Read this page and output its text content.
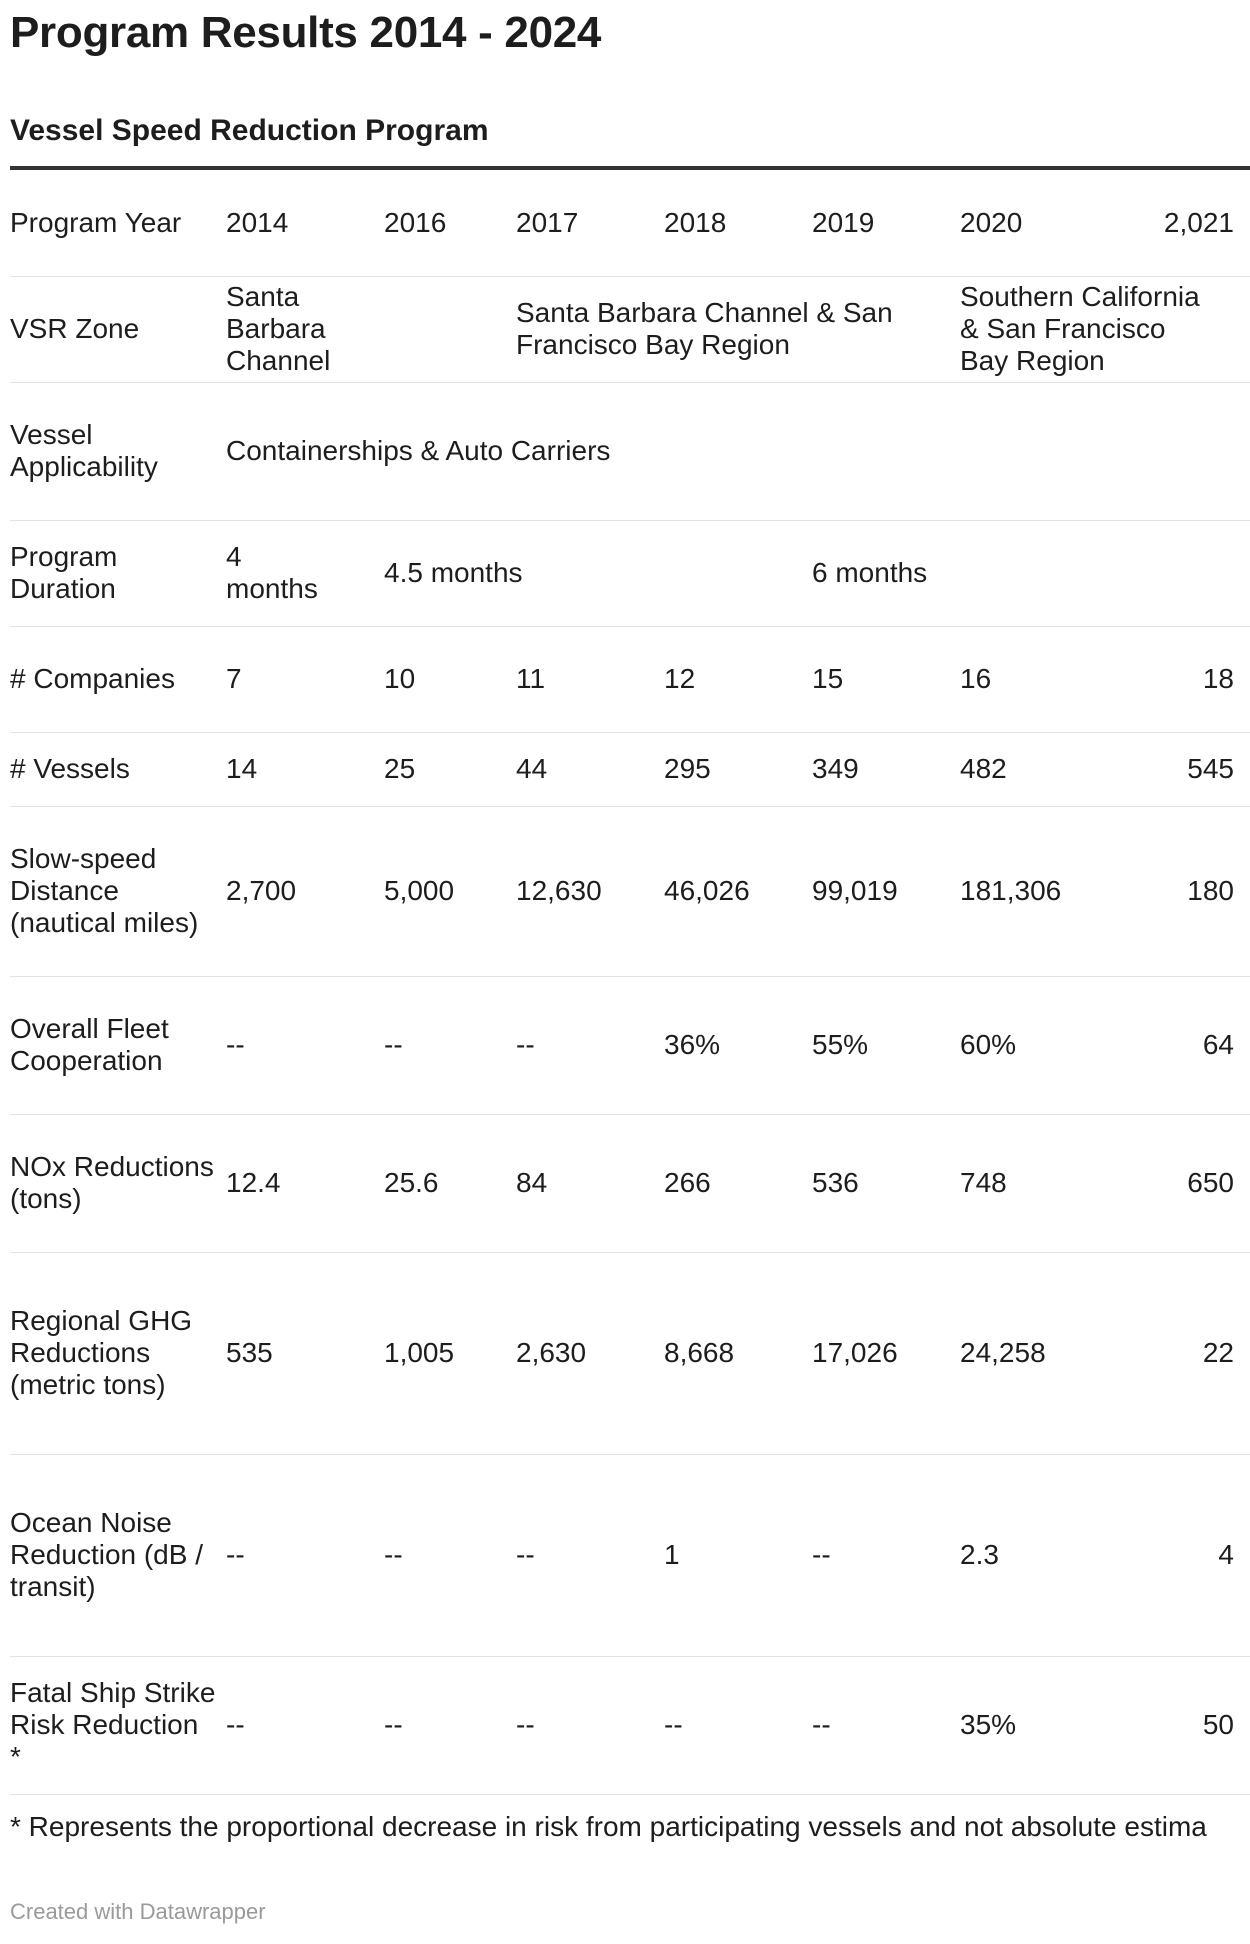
Program Results 2014 - 2024
Vessel Speed Reduction Program
Program Year	2014	2016	2017	2018	2019	2020	2,021
VSR Zone	Santa Barbara Channel		Santa Barbara Channel & San Francisco Bay Region			Southern California & San Francisco Bay Region	

Vessel Applicability	Containerships & Auto Carriers						
Program Duration	4 months	4.5 months			6 months		
# Companies	7	10	11	12	15	16	18
# Vessels	14	25	44	295	349	482	545
Slow-speed Distance (nautical miles)	2,700	5,000	12,630	46,026	99,019	181,306	180
Overall Fleet Cooperation	--	--	--	36%	55%	60%	64
NOx Reductions (tons)	12.4	25.6	84	266	536	748	650
Regional GHG Reductions (metric tons)	535	1,005	2,630	8,668	17,026	24,258	22
Ocean Noise Reduction (dB / transit)	--	--	--	1	--	2.3	4
Fatal Ship Strike Risk Reduction *	--	--	--	--	--	35%	50
* Represents the proportional decrease in risk from participating vessels and not absolute estima
Created with Datawrapper
